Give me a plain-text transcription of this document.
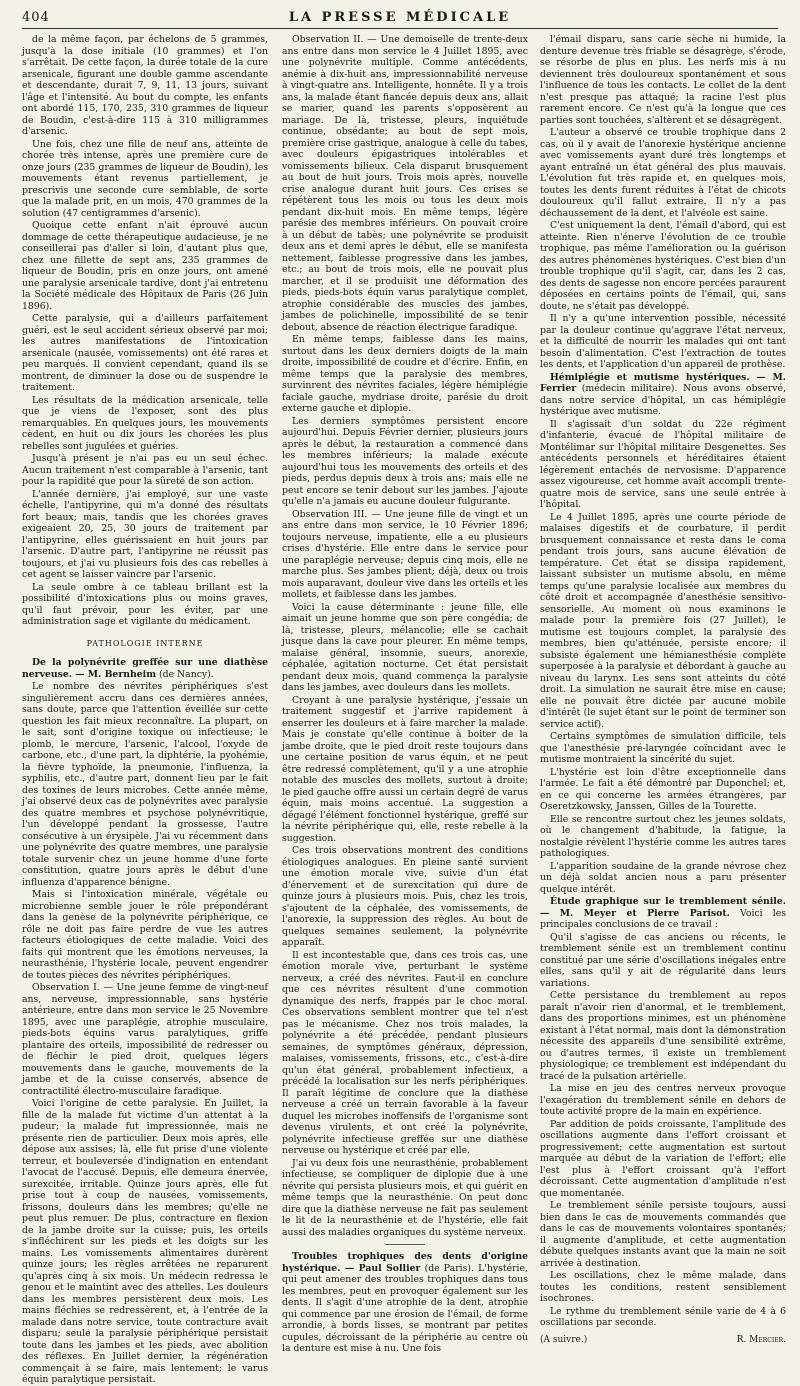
404	LA PRESSE MÉDICALE

de la même façon, par échelons de 5 grammes, jusqu'à la dose initiale (10 grammes) et l'on s'arrêtait. De cette façon, la durée totale de la cure arsenicale, figurant une double gamme ascendante et descendante, durait 7, 9, 11, 13 jours, suivant l'âge et l'intensité. Au bout du compte, les enfants ont abordé 115, 170, 235, 310 grammes de liqueur de Boudin, c'est-à-dire 115 à 310 milligrammes d'arsenic.

Une fois, chez une fille de neuf ans, atteinte de chorée très intense, après une première cure de onze jours (235 grammes de liqueur de Boudin), les mouvements étant revenus partiellement, je prescrivis une seconde cure semblable, de sorte que la malade prit, en un mois, 470 grammes de la solution (47 centigrammes d'arsenic).

Quoique cette enfant n'ait éprouvé aucun dommage de cette thérapeutique audacieuse, je ne conseillerai pas d'aller si loin, d'autant plus que, chez une fillette de sept ans, 235 grammes de liqueur de Boudin, pris en onze jours, ont amené une paralysie arsenicale tardive, dont j'ai entretenu la Société médicale des Hôpitaux de Paris (26 Juin 1896).

Cette paralysie, qui a d'ailleurs parfaitement guéri, est le seul accident sérieux observé par moi; les autres manifestations de l'intoxication arsenicale (nausée, vomissements) ont été rares et peu marqués. Il convient cependant, quand ils se montrent, de diminuer la dose ou de suspendre le traitement.

Les résultats de la médication arsenicale, telle que je viens de l'exposer, sont des plus remarquables. En quelques jours, les mouvements cèdent, en huit ou dix jours les chorées les plus rebelles sont jugulées et guéries.

Jusqu'à présent je n'ai pas eu un seul échec. Aucun traitement n'est comparable à l'arsenic, tant pour la rapidité que pour la sûreté de son action.

L'année dernière, j'ai employé, sur une vaste échelle, l'antipyrine, qui m'a donné des résultats fort beaux; mais, tandis que les chorées graves exigeaient 20, 25, 30 jours de traitement par l'antipyrine, elles guérissaient en huit jours par l'arsenic. D'autre part, l'antipyrine ne réussit pas toujours, et j'ai vu plusieurs fois des cas rebelles à cet agent se laisser vaincre par l'arsenic.

La seule ombre à ce tableau brillant est la possibilité d'intoxications plus ou moins graves, qu'il faut prévoir, pour les éviter, par une administration sage et vigilante du médicament.

PATHOLOGIE INTERNE

De la polynévrite greffée sur une diathèse nerveuse. — M. Bernheim (de Nancy).

Le nombre des névrites périphériques s'est singulièrement accru dans ces dernières années, sans doute, parce que l'attention éveillée sur cette question les fait mieux reconnaître. La plupart, on le sait, sont d'origine toxique ou infectieuse; le plomb, le mercure, l'arsenic, l'alcool, l'oxyde de carbone, etc., d'une part, la diphtérie, la pyohémie, la fièvre typhoïde, la pneumonie, l'influenza, la syphilis, etc., d'autre part, donnent lieu par le fait des toxines de leurs microbes. Cette année même, j'ai observé deux cas de polynévrites avec paralysie des quatre membres et psychose polynévritique, l'un développé pendant la grossesse, l'autre consécutive à un érysipèle. J'ai vu récemment dans une polynévrite des quatre membres, une paralysie totale survenir chez un jeune homme d'une forte constitution, quatre jours après le début d'une influenza d'apparence bénigne.

Mais si l'intoxication minérale, végétale ou microbienne semble jouer le rôle prépondérant dans la genèse de la polynévrite périphérique, ce rôle ne doit pas faire perdre de vue les autres facteurs étiologiques de cette maladie. Voici des faits qui montrent que les émotions nerveuses, la neurasthénie, l'hystérie locale, peuvent engendrer de toutes pièces des névrites périphériques.

Observation I. — Une jeune femme de vingt-neuf ans, nerveuse, impressionnable, sans hystérie antérieure, entre dans mon service le 25 Novembre 1895, avec une paraplégie, atrophie musculaire, pieds-bots équins varus paralytiques, griffe plantaire des orteils, impossibilité de redresser ou de fléchir le pied droit, quelques légers mouvements dans le gauche, mouvements de la jambe et de la cuisse conservés, absence de contractilité électro-musculaire faradique.

Voici l'origine de cette paralysie. En Juillet, la fille de la malade fut victime d'un attentat à la pudeur; la malade fut impressionnée, mais ne présente rien de particulier. Deux mois après, elle dépose aux assises; là, elle fut prise d'une violente terreur, et bouleversée d'indignation en entendant l'avocat de l'accusé. Depuis, elle demeura énervée, surexcitée, irritable. Quinze jours après, elle fut prise tout à coup de nausées, vomissements, frissons, douleurs dans les membres; qu'elle ne peut plus remuer. De plus, contracture en flexion de la jambe droite sur la cuisse; puis, les orteils s'infléchirent sur les pieds et les doigts sur les mains. Les vomissements alimentaires durèrent quinze jours; les règles arrêtées ne reparurent qu'après cinq à six mois. Un médecin redressa le genou et le maintint avec des attelles. Les douleurs dans les membres persistèrent deux mois. Les mains fléchies se redressèrent, et, à l'entrée de la malade dans notre service, toute contracture avait disparu; seule la paralysie périphérique persistait toute dans les jambes et les pieds, avec abolition des réflexes. En Juillet dernier, la régénération commençait à se faire, mais lentement; le varus équin paralytique persistait.

Observation II. — Une demoiselle de trente-deux ans entre dans mon service le 4 Juillet 1895, avec une polynévrite multiple. Comme antécédents, anémie à dix-huit ans, impressionnabilité nerveuse à vingt-quatre ans. Intelligente, honnête. Il y a trois ans, la malade étant fiancée depuis deux ans, allait se marier, quand les parents s'opposèrent au mariage. De là, tristesse, pleurs, inquiétude continue, obsédante; au bout de sept mois, première crise gastrique, analogue à celle du tabes, avec douleurs épigastriques intolérables et vomissements bilieux. Cela disparut brusquement au bout de huit jours. Trois mois après, nouvelle crise analogue durant huit jours. Ces crises se répétèrent tous les mois ou tous les deux mois pendant dix-huit mois. En même temps, légère parésie des membres inférieurs. On pouvait croire à un début de tabès; une polynévrite se produisit deux ans et demi après le début, elle se manifesta nettement, faiblesse progressive dans les jambes, etc.; au bout de trois mois, elle ne pouvait plus marcher, et il se produisit une déformation des pieds, pieds-bots équin varus paralytique complet, atrophie considérable des muscles des jambes, jambes de polichinelle, impossibilité de se tenir debout, absence de réaction électrique faradique.

En même temps, faiblesse dans les mains, surtout dans les deux derniers doigts de la main droite, impossibilité de coudre et d'écrire. Enfin, en même temps que la paralysie des membres, survinrent des névrites faciales, légère hémiplégie faciale gauche, mydriase droite, parésie du droit externe gauche et diplopie.

Les derniers symptômes persistent encore aujourd'hui. Depuis Février dernier, plusieurs jours après le début, la restauration a commencé dans les membres inférieurs; la malade exécute aujourd'hui tous les mouvements des orteils et des pieds, perdus depuis deux à trois ans; mais elle ne peut encore se tenir debout sur les jambes. J'ajoute qu'elle n'a jamais eu aucune douleur fulgurante.

Observation III. — Une jeune fille de vingt et un ans entre dans mon service, le 10 Février 1896; toujours nerveuse, impatiente, elle a eu plusieurs crises d'hystérie. Elle entre dans le service pour une paraplégie nerveuse; depuis cinq mois, elle ne marche plus. Ses jambes plient; déjà, deux ou trois mois auparavant, douleur vive dans les orteils et les mollets, et faiblesse dans les jambes.

Voici la cause déterminante : jeune fille, elle aimait un jeune homme que son père congédia; de là, tristesse, pleurs, mélancolie; elle se cachait jusque dans la cave pour pleurer. En même temps, malaise général, insomnie, sueurs, anorexie, céphalée, agitation nocturne. Cet état persistait pendant deux mois, quand commença la paralysie dans les jambes, avec douleurs dans les mollets.

Croyant à une paralysie hystérique, j'essaie un traitement suggestif et j'arrive rapidement à enserrer les douleurs et à faire marcher la malade. Mais je constate qu'elle continue à boiter de la jambe droite, que le pied droit reste toujours dans une certaine position de varus équin, et ne peut être redressé complètement, qu'il y a une atrophie notable des muscles des mollets, surtout à droite; le pied gauche offre aussi un certain degré de varus équin, mais moins accentué. La suggestion a dégagé l'élément fonctionnel hystérique, greffé sur la névrite périphérique qui, elle, reste rebelle à la suggestion.

Ces trois observations montrent des conditions étiologiques analogues. En pleine santé survient une émotion morale vive, suivie d'un état d'énervement et de surexcitation qui dure de quinze jours à plusieurs mois. Puis, chez les trois, s'ajoutent de la céphalée, des vomissements, de l'anorexie, la suppression des règles. Au bout de quelques semaines seulement, la polynévrite apparaît.

Il est incontestable que, dans ces trois cas, une émotion morale vive, perturbant le système nerveux, a créé des névrites. Faut-il en conclure que ces névrites résultent d'une commotion dynamique des nerfs, frappés par le choc moral. Ces observations semblent montrer que tel n'est pas le mécanisme. Chez nos trois malades, la polynévrite a été précédée, pendant plusieurs semaines, de symptômes généraux, dépression, malaises, vomissements, frissons, etc., c'est-à-dire qu'un état général, probablement infectieux, a précédé la localisation sur les nerfs périphériques. Il paraît légitime de conclure que la diathèse nerveuse a créé un terrain favorable à la faveur duquel les microbes inoffensifs de l'organisme sont devenus virulents, et ont créé la polynévrite, polynévrite infectieuse greffée sur une diathèse nerveuse ou hystérique et créé par elle.

J'ai vu deux fois une neurasthénie, probablement infectieuse, se compliquer de diplopie due à une névrite qui persista plusieurs mois, et qui guérit en même temps que la neurasthénie. On peut donc dire que la diathèse nerveuse ne fait pas seulement le lit de la neurasthénie et de l'hystérie, elle fait aussi des maladies organiques du système nerveux.

Troubles trophiques des dents d'origine hystérique. — Paul Sollier (de Paris). L'hystérie, qui peut amener des troubles trophiques dans tous les membres, peut en provoquer également sur les dents. Il s'agit d'une atrophie de la dent, atrophie qui commence par une érosion de l'émail, de forme arrondie, à bords lisses, se montrant par petites cupules, décroissant de la périphérie au centre où la denture est mise à nu. Une fois

l'émail disparu, sans carie sèche ni humide, la denture devenue très friable se désagrège, s'érode, se résorbe de plus en plus. Les nerfs mis à nu deviennent très douloureux spontanément et sous l'influence de tous les contacts. Le collet de la dent n'est presque pas attaqué; la racine l'est plus rarement encore. Ce n'est qu'à la longue que ces parties sont touchées, s'altèrent et se désagrègent.

L'auteur a observé ce trouble trophique dans 2 cas, où il y avait de l'anorexie hystérique ancienne avec vomissements ayant duré très longtemps et ayant entraîné un état général des plus mauvais. L'évolution fut très rapide et, en quelques mois, toutes les dents furent réduites à l'état de chicots douloureux qu'il fallut extraire. Il n'y a pas déchaussement de la dent, et l'alvéole est saine.

C'est uniquement la dent, l'émail d'abord, qui est atteinte. Rien n'énerve l'évolution de ce trouble trophique, pas même l'amélioration ou la guérison des autres phénomènes hystériques. C'est bien d'un trouble trophique qu'il s'agit, car, dans les 2 cas, des dents de sagesse non encore percées paraurent déposées en certains points de l'émail, qui, sans doute, ne s'était pas développé.

Il n'y a qu'une intervention possible, nécessité par la douleur continue qu'aggrave l'état nerveux, et la difficulté de nourrir les malades qui ont tant besoin d'alimentation. C'est l'extraction de toutes les dents, et l'application d'un appareil de prothèse.

Hémiplégie et mutisme hystériques. — M. Ferrier (médecin militaire). Nous avons observé, dans notre service d'hôpital, un cas hémiplégie hystérique avec mutisme.

Il s'agissait d'un soldat du 22e régiment d'infanterie, évacué de l'hôpital militaire de Montélimar sur l'hôpital militaire Desgenettes. Ses antécédents personnels et héréditaires étaient légèrement entachés de nervosisme. D'apparence assez vigoureuse, cet homme avait accompli trente-quatre mois de service, sans une seule entrée à l'hôpital.

Le 4 Juillet 1895, après une courte période de malaises digestifs et de courbature, il perdit brusquement connaissance et resta dans le coma pendant trois jours, sans aucune élévation de température. Cet état se dissipa rapidement, laissant subsister un mutisme absolu, en même temps qu'une paralysie localisée aux membres du côté droit et accompagnée d'anesthésie sensitivo-sensorielle. Au moment où nous examinons le malade pour la première fois (27 Juillet), le mutisme est toujours complet, la paralysie des membres, bien qu'atténuée, persiste encore; il subsiste également une hémianesthésie complète superposée à la paralysie et débordant à gauche au niveau du larynx. Les sens sont atteints du côté droit. La simulation ne saurait être mise en cause; elle ne pouvait être dictée par aucune mobile d'intérêt (le sujet étant sur le point de terminer son service actif).

Certains symptômes de simulation difficile, tels que l'anesthésie pré-laryngée coïncidant avec le mutisme montraient la sincérité du sujet.

L'hystérie est loin d'être exceptionnelle dans l'armée. Le fait a été démontré par Duponchel; et, en ce qui concerne les armées étrangères, par Oseretzkowsky, Janssen, Gilles de la Tourette.

Elle se rencontre surtout chez les jeunes soldats, où le changement d'habitude, la fatigue, la nostalgie révèlent l'hystérie comme les autres tares pathologiques.

L'apparition soudaine de la grande névrose chez un déjà soldat ancien nous a paru présenter quelque intérêt.

Étude graphique sur le tremblement sénile. — M. Meyer et Pierre Parisot. Voici les principales conclusions de ce travail :

Qu'il s'agisse de cas anciens ou récents, le tremblement sénile est un tremblement continu constitué par une série d'oscillations inégales entre elles, sans qu'il y ait de régularité dans leurs variations.

Cette persistance du tremblement au repos paraît n'avoir rien d'anormal, et le tremblement, dans des proportions minimes, est un phénomène existant à l'état normal, mais dont la démonstration nécessite des appareils d'une sensibilité extrême, ou d'autres termes, il existe un tremblement physiologique; ce tremblement est indépendant du tracé de la pulsation artérielle.

La mise en jeu des centres nerveux provoque l'exagération du tremblement sénile en dehors de toute activité propre de la main en expérience.

Par addition de poids croissante, l'amplitude des oscillations augmente dans l'effort croissant et progressivement; cette augmentation est surtout marquée au début de la variation de l'effort; elle l'est plus à l'effort croissant qu'à l'effort décroissant. Cette augmentation d'amplitude n'est que momentanée.

Le tremblement sénile persiste toujours, aussi bien dans le cas de mouvements commandés que dans le cas de mouvements volontaires spontanés; il augmente d'amplitude, et cette augmentation débute quelques instants avant que la main ne soit arrivée à destination.

Les oscillations, chez le même malade, dans toutes les conditions, restent sensiblement isochrones.

Le rythme du tremblement sénile varie de 4 à 6 oscillations par seconde.

(A suivre.)	R. Mercier.
